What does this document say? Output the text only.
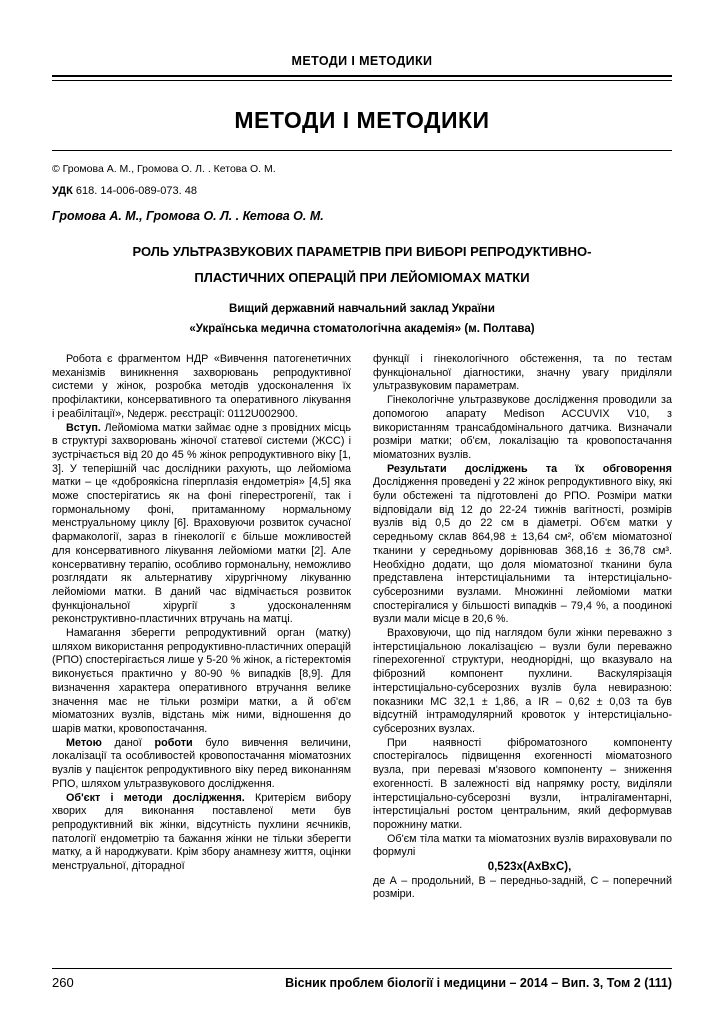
МЕТОДИ І МЕТОДИКИ
МЕТОДИ І МЕТОДИКИ
© Громова А. М., Громова О. Л. . Кетова О. М.
УДК 618. 14-006-089-073. 48
Громова А. М., Громова О. Л. . Кетова О. М.
РОЛЬ УЛЬТРАЗВУКОВИХ ПАРАМЕТРІВ ПРИ ВИБОРІ РЕПРОДУКТИВНО-
ПЛАСТИЧНИХ ОПЕРАЦІЙ ПРИ ЛЕЙОМІОМАХ МАТКИ
Вищий державний навчальний заклад України
«Українська медична стоматологічна академія» (м. Полтава)

Робота є фрагментом НДР «Вивчення патогенетичних механізмів виникнення захворювань репродуктивної системи у жінок, розробка методів удосконалення їх профілактики, консервативного та оперативного лікування і реабілітації», №держ. реєстрації: 0112U002900.

Вступ. Лейоміома матки займає одне з провідних місць в структурі захворювань жіночої статевої системи (ЖСС) і зустрічається від 20 до 45 % жінок репродуктивного віку [1, 3]. У теперішній час дослідники рахують, що лейоміома матки – це «доброякісна гіперплазія ендометрія» [4,5] яка може спостерігатись як на фоні гіперестрогенії, так і гормональному фоні, притаманному нормальному менструальному циклу [6]. Враховуючи розвиток сучасної фармакології, зараз в гінекології є більше можливостей для консервативного лікування лейоміоми матки [2]. Але консервативну терапію, особливо гормональну, неможливо розглядати як альтернативу хірургічному лікуванню лейоміоми матки. В даний час відмічається розвиток функціональної хірургії з удосконаленням реконструктивно-пластичних втручань на матці.

Намагання зберегти репродуктивний орган (матку) шляхом використання репродуктивно-пластичних операцій (РПО) спостерігається лише у 5-20 % жінок, а гістеректомія виконується практично у 80-90 % випадків [8,9]. Для визначення характера оперативного втручання велике значення має не тільки розміри матки, а й об'єм міоматозних вузлів, відстань між ними, відношення до шарів матки, кровопостачання.

Метою даної роботи було вивчення величини, локалізації та особливостей кровопостачання міоматозних вузлів у пацієнток репродуктивного віку перед виконанням РПО, шляхом ультразвукового дослідження.

Об'єкт і методи дослідження. Критерієм вибору хворих для виконання поставленої мети був репродуктивний вік жінки, відсутність пухлини яєчників, патології ендометрію та бажання жінки не тільки зберегти матку, а й народжувати. Крім збору анамнезу життя, оцінки менструальної, діторадної

функції і гінекологічного обстеження, та по тестам функціональної діагностики, значну увагу приділяли ультразвуковим параметрам.

Гінекологічне ультразвукове дослідження проводили за допомогою апарату Medison ACCUVIX V10, з використанням трансабдомінального датчика. Визначали розміри матки; об'єм, локалізацію та кровопостачання міоматозних вузлів.

Результати досліджень та їх обговорення Дослідження проведені у 22 жінок репродуктивного віку, які були обстежені та підготовлені до РПО. Розміри матки відповідали від 12 до 22-24 тижнів вагітності, розмірів вузлів від 0,5 до 22 см в діаметрі. Об'єм матки у середньому склав 864,98 ± 13,64 см², об'єм міоматозної тканини у середньому дорівнював 368,16 ± 36,78 см³. Необхідно додати, що доля міоматозної тканини була представлена інтерстиціальними та інтерстиціально-субсерозними вузлами. Множинні лейоміоми матки спостерігалися у більшості випадків – 79,4 %, а поодинокі вузли мали місце в 20,6 %.

Враховуючи, що під наглядом були жінки переважно з інтерстиціальною локалізацією – вузли були переважно гіперехогенної структури, неоднорідні, що вказувало на фіброзний компонент пухлини. Васкулярізація інтерстиціально-субсерозних вузлів була невиразною: показники МС 32,1 ± 1,86, а IR – 0,62 ± 0,03 та був відсутній інтрамодулярний кровоток у інтерстиціально-субсерозних вузлах.

При наявності фіброматозного компоненту спостерігалось підвищення ехогенності міоматозного вузла, при перевазі м'язового компоненту – зниження ехогенності. В залежності від напрямку росту, виділяли інтерстиціально-субсерозні вузли, інтралігаментарні, інтерстиціальні ростом центральним, який деформував порожнину матки.

Об'єм тіла матки та міоматозних вузлів вираховували по формулі

0,523х(АхВхС),

де А – продольний, В – передньо-задній, С – поперечний розміри.

260	Вісник проблем біології і медицини – 2014 – Вип. 3, Том 2 (111)
